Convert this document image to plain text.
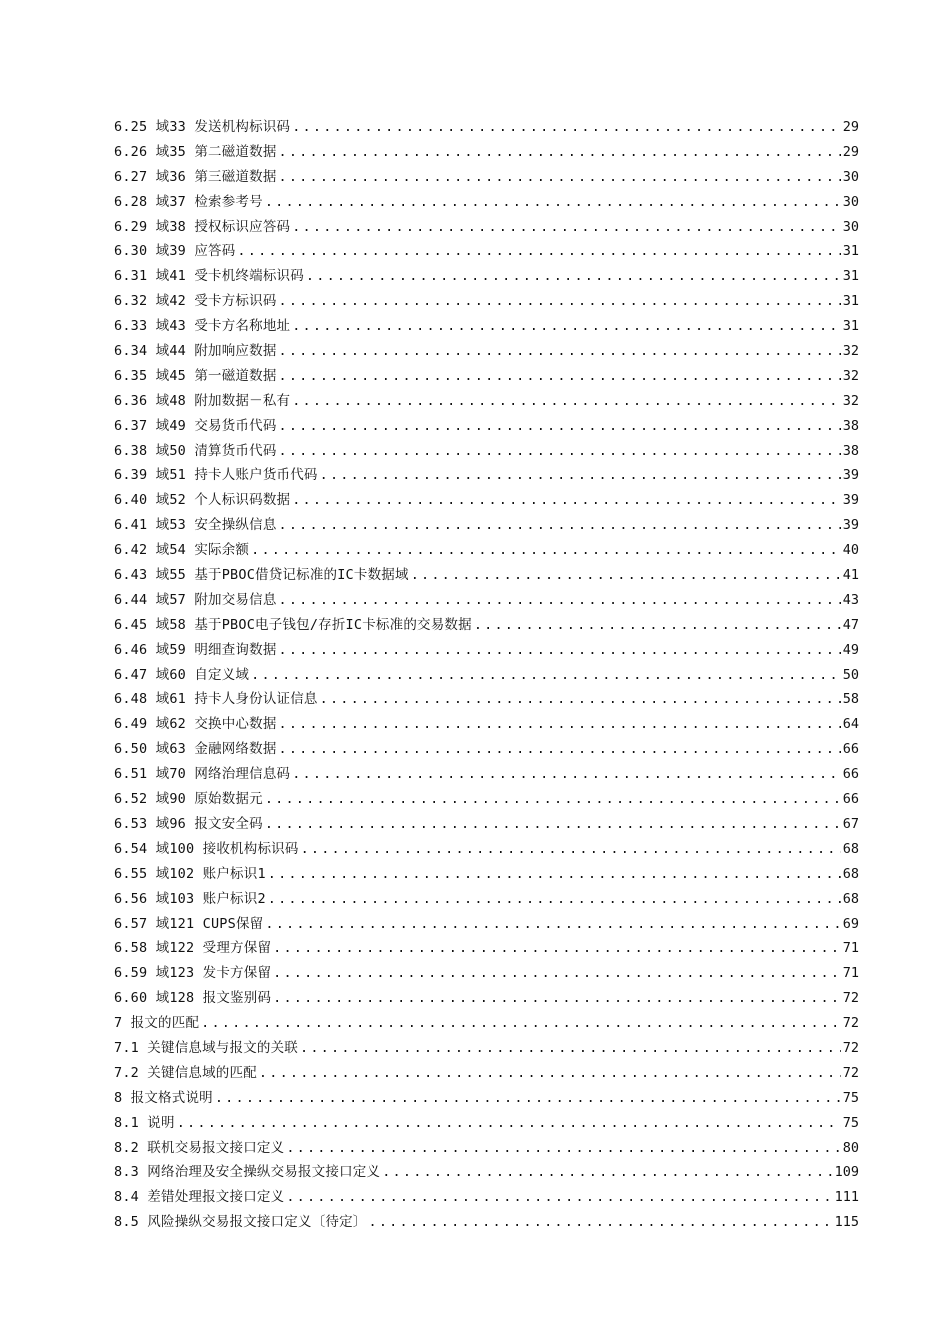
6.25 域33 发送机构标识码 .....	29
6.26 域35 第二磁道数据 .....	29
6.27 域36 第三磁道数据 .....	30
6.28 域37 检索参考号 .....	30
6.29 域38 授权标识应答码 .....	30
6.30 域39 应答码 .....	31
6.31 域41 受卡机终端标识码 .....	31
6.32 域42 受卡方标识码 .....	31
6.33 域43 受卡方名称地址 .....	31
6.34 域44 附加响应数据 .....	32
6.35 域45 第一磁道数据 .....	32
6.36 域48 附加数据－私有 .....	32
6.37 域49 交易货币代码 .....	38
6.38 域50 清算货币代码 .....	38
6.39 域51 持卡人账户货币代码 .....	39
6.40 域52 个人标识码数据 .....	39
6.41 域53 安全操纵信息 .....	39
6.42 域54 实际余额 .....	40
6.43 域55 基于PBOC借贷记标准的IC卡数据域 .....	41
6.44 域57 附加交易信息 .....	43
6.45 域58 基于PBOC电子钱包/存折IC卡标准的交易数据 .....	47
6.46 域59 明细查询数据 .....	49
6.47 域60 自定义域 .....	50
6.48 域61 持卡人身份认证信息 .....	58
6.49 域62 交换中心数据 .....	64
6.50 域63 金融网络数据 .....	66
6.51 域70 网络治理信息码 .....	66
6.52 域90 原始数据元 .....	66
6.53 域96 报文安全码 .....	67
6.54 域100 接收机构标识码 .....	68
6.55 域102 账户标识1 .....	68
6.56 域103 账户标识2 .....	68
6.57 域121 CUPS保留 .....	69
6.58 域122 受理方保留 .....	71
6.59 域123 发卡方保留 .....	71
6.60 域128 报文鉴别码 .....	72
7 报文的匹配 .....	72
7.1 关键信息域与报文的关联 .....	72
7.2 关键信息域的匹配 .....	72
8 报文格式说明 .....	75
8.1 说明 .....	75
8.2 联机交易报文接口定义 .....	80
8.3 网络治理及安全操纵交易报文接口定义 .....	109
8.4 差错处理报文接口定义 .....	111
8.5 风险操纵交易报文接口定义〔待定〕 .....	115
